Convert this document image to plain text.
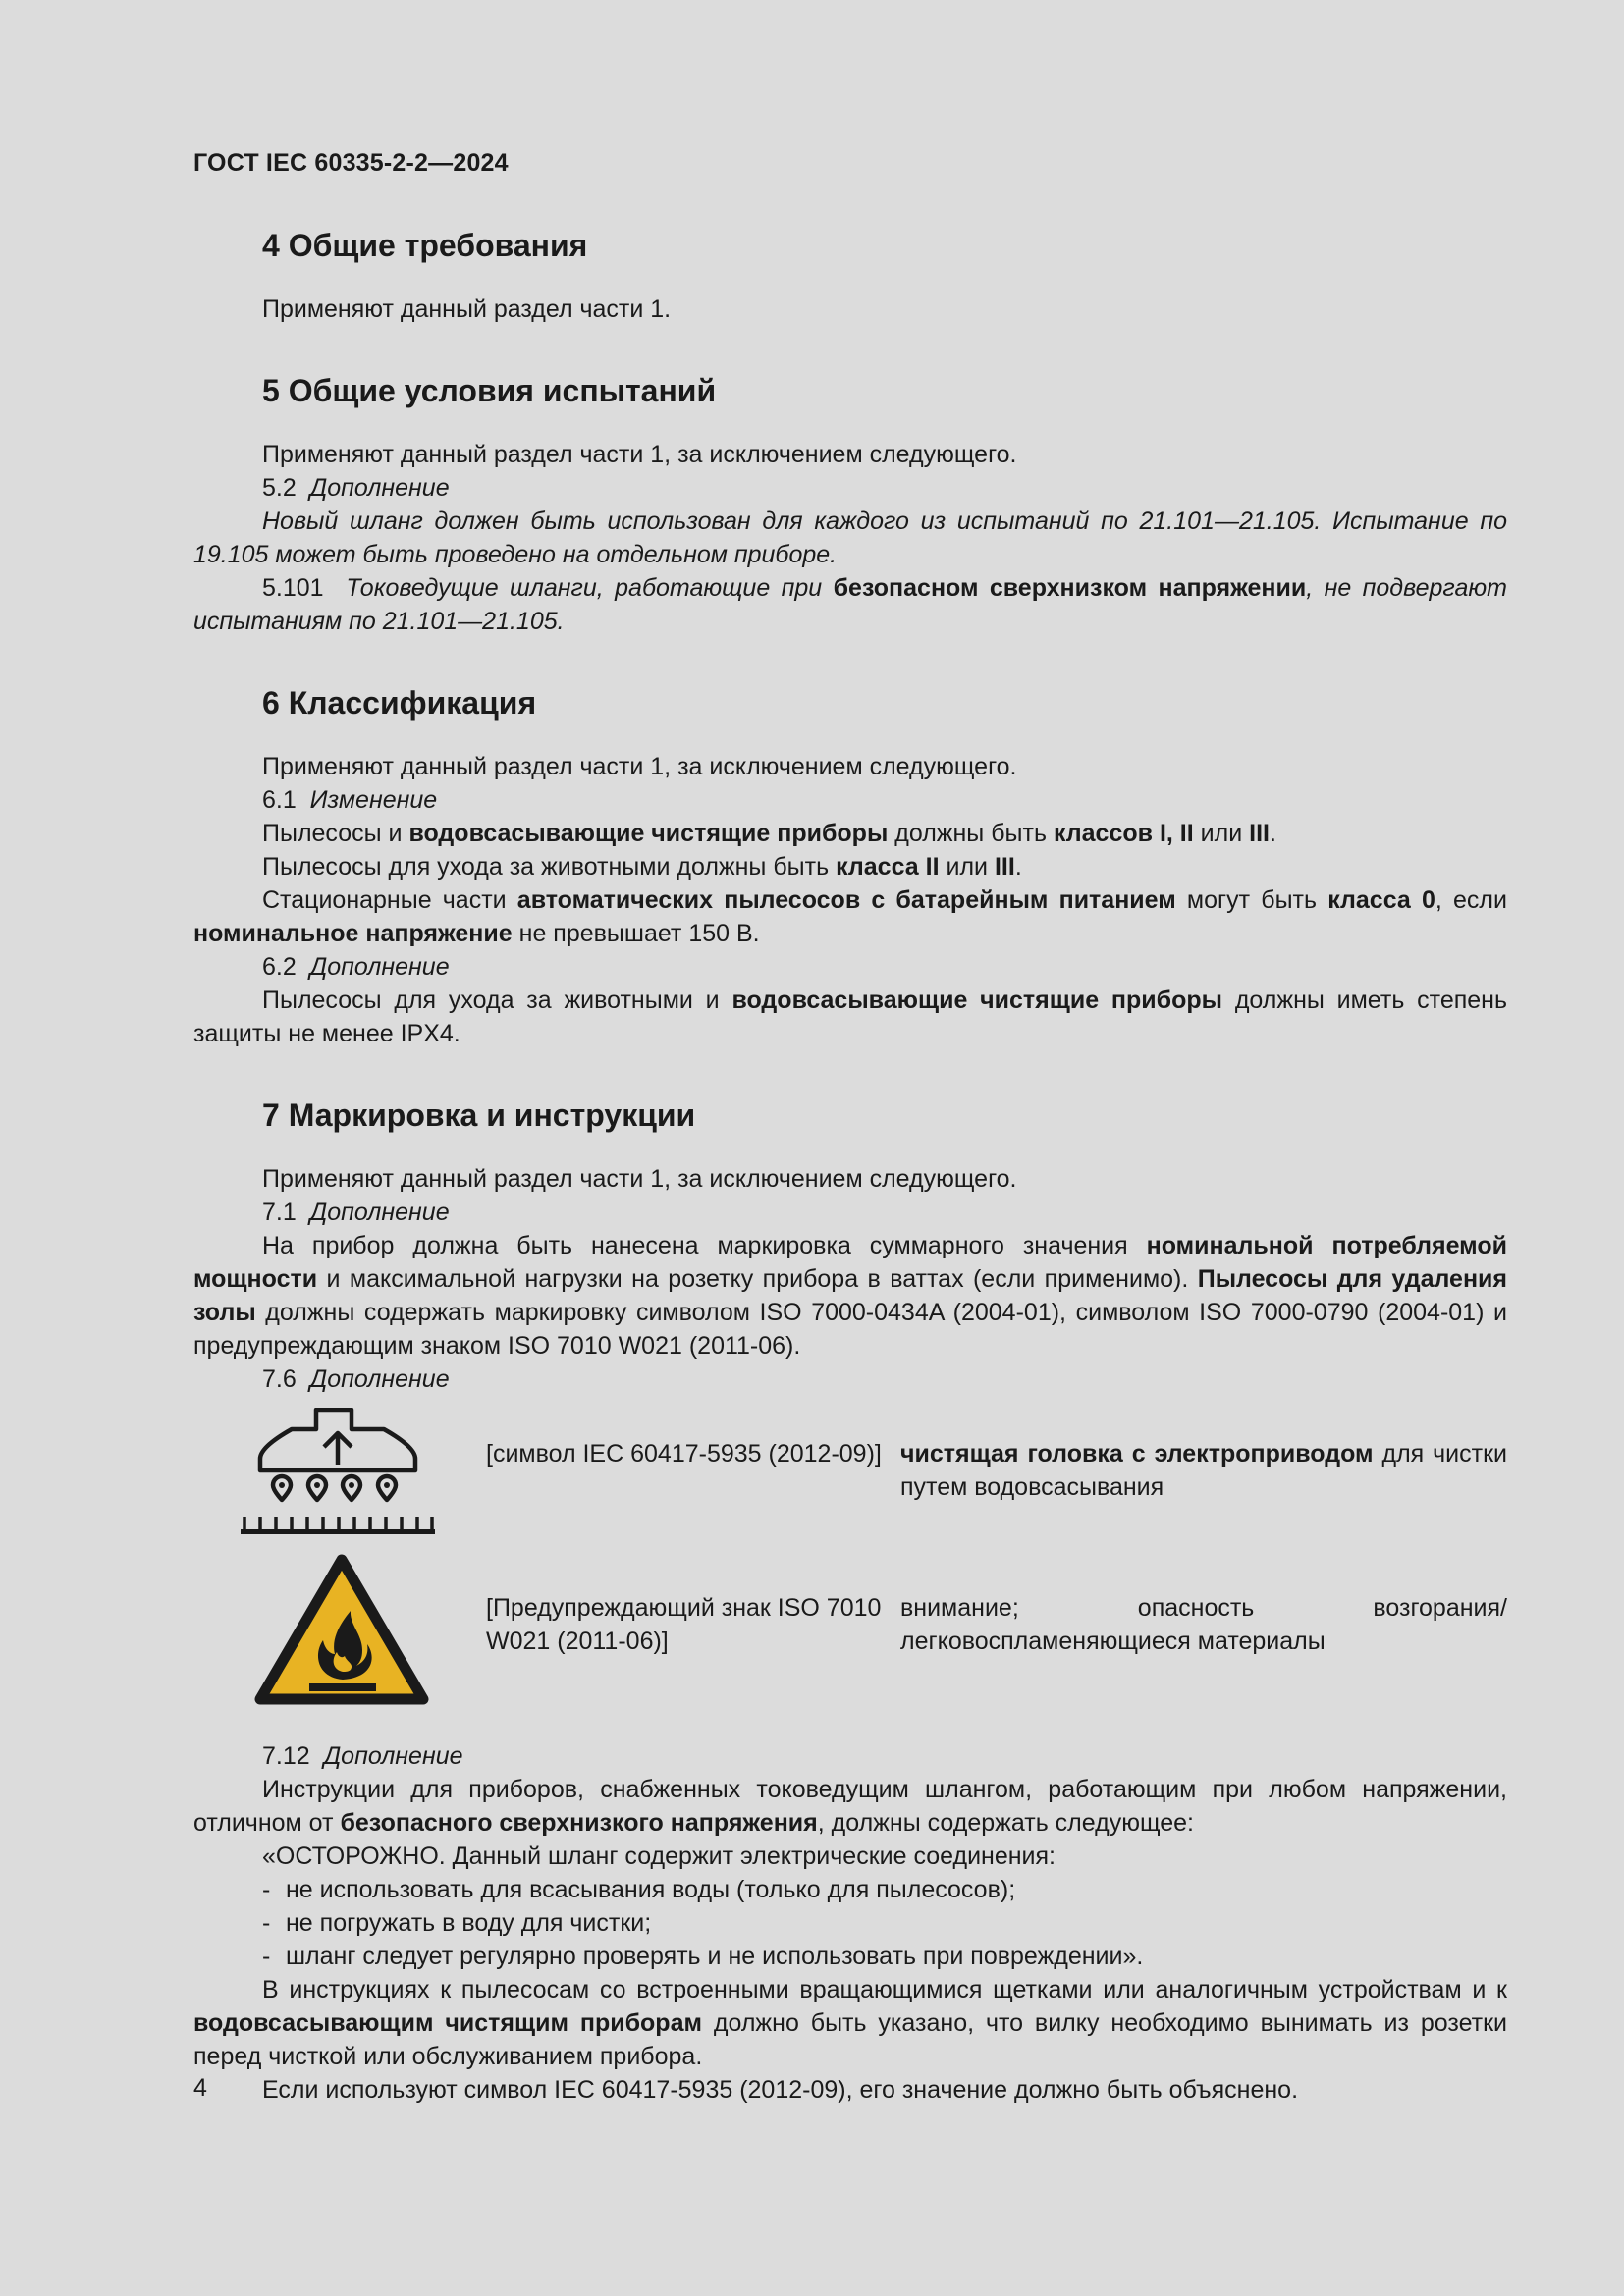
ГОСТ IEC 60335-2-2—2024
4 Общие требования

Применяют данный раздел части 1.

5 Общие условия испытаний

Применяют данный раздел части 1, за исключением следующего.

5.2 Дополнение

Новый шланг должен быть использован для каждого из испытаний по 21.101—21.105. Испытание по 19.105 может быть проведено на отдельном приборе.

5.101 Токоведущие шланги, работающие при безопасном сверхнизком напряжении, не подвергают испытаниям по 21.101—21.105.

6 Классификация

Применяют данный раздел части 1, за исключением следующего.

6.1 Изменение

Пылесосы и водовсасывающие чистящие приборы должны быть классов I, II или III.

Пылесосы для ухода за животными должны быть класса II или III.

Стационарные части автоматических пылесосов с батарейным питанием могут быть класса 0, если номинальное напряжение не превышает 150 В.

6.2 Дополнение

Пылесосы для ухода за животными и водовсасывающие чистящие приборы должны иметь степень защиты не менее IPX4.

7 Маркировка и инструкции

Применяют данный раздел части 1, за исключением следующего.

7.1 Дополнение

На прибор должна быть нанесена маркировка суммарного значения номинальной потребляемой мощности и максимальной нагрузки на розетку прибора в ваттах (если применимо). Пылесосы для удаления золы должны содержать маркировку символом ISO 7000-0434A (2004-01), символом ISO 7000-0790 (2004-01) и предупреждающим знаком ISO 7010 W021 (2011-06).

7.6 Дополнение

[символ IEC 60417-5935 (2012-09)] чистящая головка с электроприводом для чистки путем водовсасывания
[Предупреждающий знак ISO 7010 W021 (2011-06)]
внимание; опасность возгорания/легковоспламеняющиеся материалы

7.12 Дополнение

Инструкции для приборов, снабженных токоведущим шлангом, работающим при любом напряжении, отличном от безопасного сверхнизкого напряжения, должны содержать следующее:

«ОСТОРОЖНО. Данный шланг содержит электрические соединения:

- не использовать для всасывания воды (только для пылесосов);

- не погружать в воду для чистки;

- шланг следует регулярно проверять и не использовать при повреждении».

В инструкциях к пылесосам со встроенными вращающимися щетками или аналогичным устройствам и к водовсасывающим чистящим приборам должно быть указано, что вилку необходимо вынимать из розетки перед чисткой или обслуживанием прибора.

Если используют символ IEC 60417-5935 (2012-09), его значение должно быть объяснено.

4
